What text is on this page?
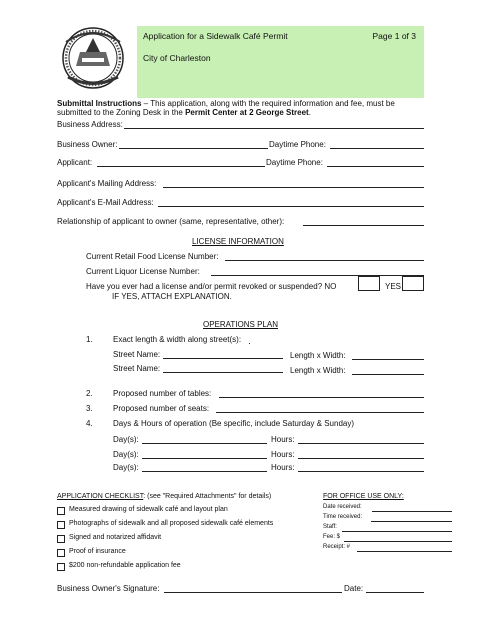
Application for a Sidewalk Café Permit	Page 1 of 3
City of Charleston
Submittal Instructions – This application, along with the required information and fee, must be
submitted to the Zoning Desk in the Permit Center at 2 George Street.
Business Address:
Business Owner:	Daytime Phone:
Applicant:	Daytime Phone:
Applicant's Mailing Address:
Applicant's E-Mail Address:
Relationship of applicant to owner (same, representative, other):
LICENSE INFORMATION
Current Retail Food License Number:
Current Liquor License Number:
Have you ever had a license and/or permit revoked or suspended? NO	YES
IF YES, ATTACH EXPLANATION.
OPERATIONS PLAN
1.	Exact length & width along street(s):
Street Name:	Length x Width:
Street Name:	Length x Width:
2.	Proposed number of tables:
3.	Proposed number of seats:
4.	Days & Hours of operation (Be specific, include Saturday & Sunday)
Day(s):	Hours:
Day(s):	Hours:
Day(s):	Hours:
APPLICATION CHECKLIST: (see "Required Attachments" for details)
Measured drawing of sidewalk café and layout plan
Photographs of sidewalk and all proposed sidewalk café elements
Signed and notarized affidavit
Proof of insurance
$200 non-refundable application fee
FOR OFFICE USE ONLY:
Date received:
Time received:
Staff:
Fee: $
Receipt: #
Business Owner's Signature:	Date:
